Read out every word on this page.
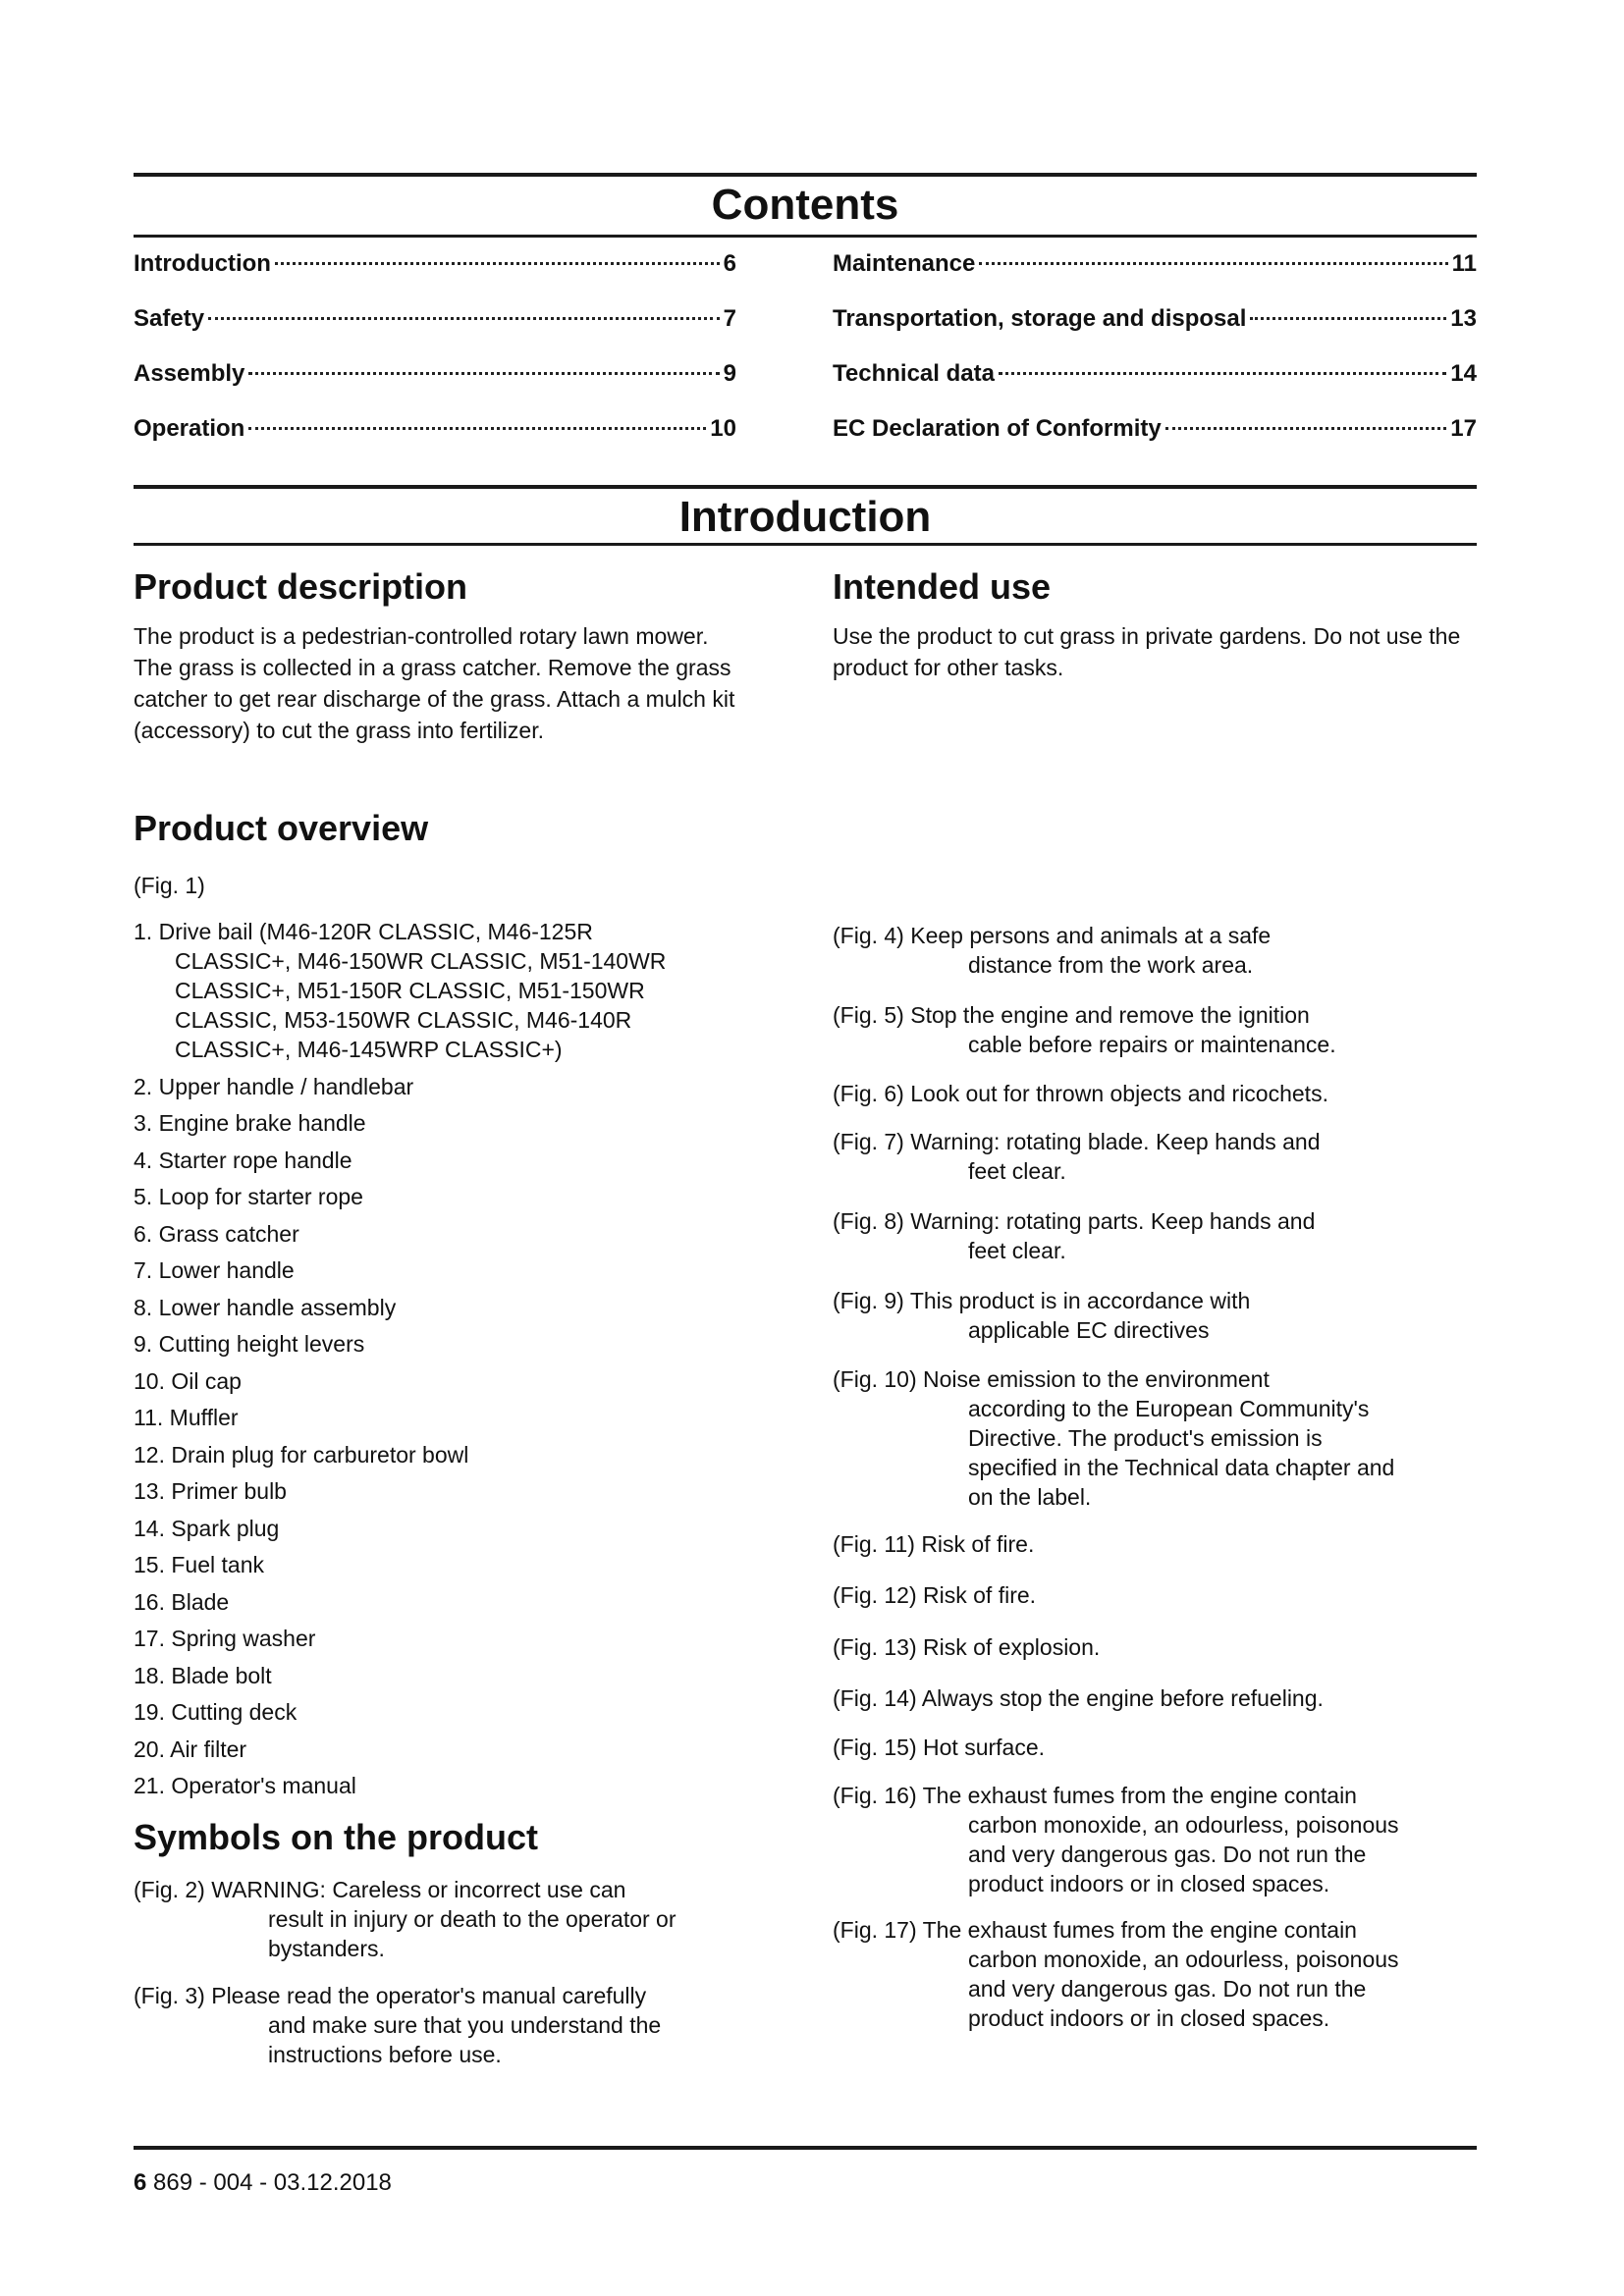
Contents
Introduction	6
Safety	7
Assembly	9
Operation	10
Maintenance	11
Transportation, storage and disposal	13
Technical data	14
EC Declaration of Conformity	17
Introduction
Product description

The product is a pedestrian-controlled rotary lawn mower. The grass is collected in a grass catcher. Remove the grass catcher to get rear discharge of the grass. Attach a mulch kit (accessory) to cut the grass into fertilizer.

Product overview

(Fig. 1)

1. Drive bail (M46-120R CLASSIC, M46-125R
CLASSIC+, M46-150WR CLASSIC, M51-140WR
CLASSIC+, M51-150R CLASSIC, M51-150WR
CLASSIC, M53-150WR CLASSIC, M46-140R
CLASSIC+, M46-145WRP CLASSIC+)
2. Upper handle / handlebar
3. Engine brake handle
4. Starter rope handle
5. Loop for starter rope
6. Grass catcher
7. Lower handle
8. Lower handle assembly
9. Cutting height levers
10. Oil cap
11. Muffler
12. Drain plug for carburetor bowl
13. Primer bulb
14. Spark plug
15. Fuel tank
16. Blade
17. Spring washer
18. Blade bolt
19. Cutting deck
20. Air filter
21. Operator's manual
Symbols on the product
(Fig. 2) WARNING: Careless or incorrect use can
result in injury or death to the operator or
bystanders.
(Fig. 3) Please read the operator's manual carefully
and make sure that you understand the
instructions before use.
Intended use

Use the product to cut grass in private gardens. Do not use the product for other tasks.

(Fig. 4) Keep persons and animals at a safe
distance from the work area.
(Fig. 5) Stop the engine and remove the ignition
cable before repairs or maintenance.
(Fig. 6) Look out for thrown objects and ricochets.
(Fig. 7) Warning: rotating blade. Keep hands and
feet clear.
(Fig. 8) Warning: rotating parts. Keep hands and
feet clear.
(Fig. 9) This product is in accordance with
applicable EC directives
(Fig. 10) Noise emission to the environment
according to the European Community's
Directive. The product's emission is
specified in the Technical data chapter and
on the label.
(Fig. 11) Risk of fire.
(Fig. 12) Risk of fire.
(Fig. 13) Risk of explosion.
(Fig. 14) Always stop the engine before refueling.
(Fig. 15) Hot surface.
(Fig. 16) The exhaust fumes from the engine contain
carbon monoxide, an odourless, poisonous
and very dangerous gas. Do not run the
product indoors or in closed spaces.
(Fig. 17) The exhaust fumes from the engine contain
carbon monoxide, an odourless, poisonous
and very dangerous gas. Do not run the
product indoors or in closed spaces.
6 869 - 004 - 03.12.2018
